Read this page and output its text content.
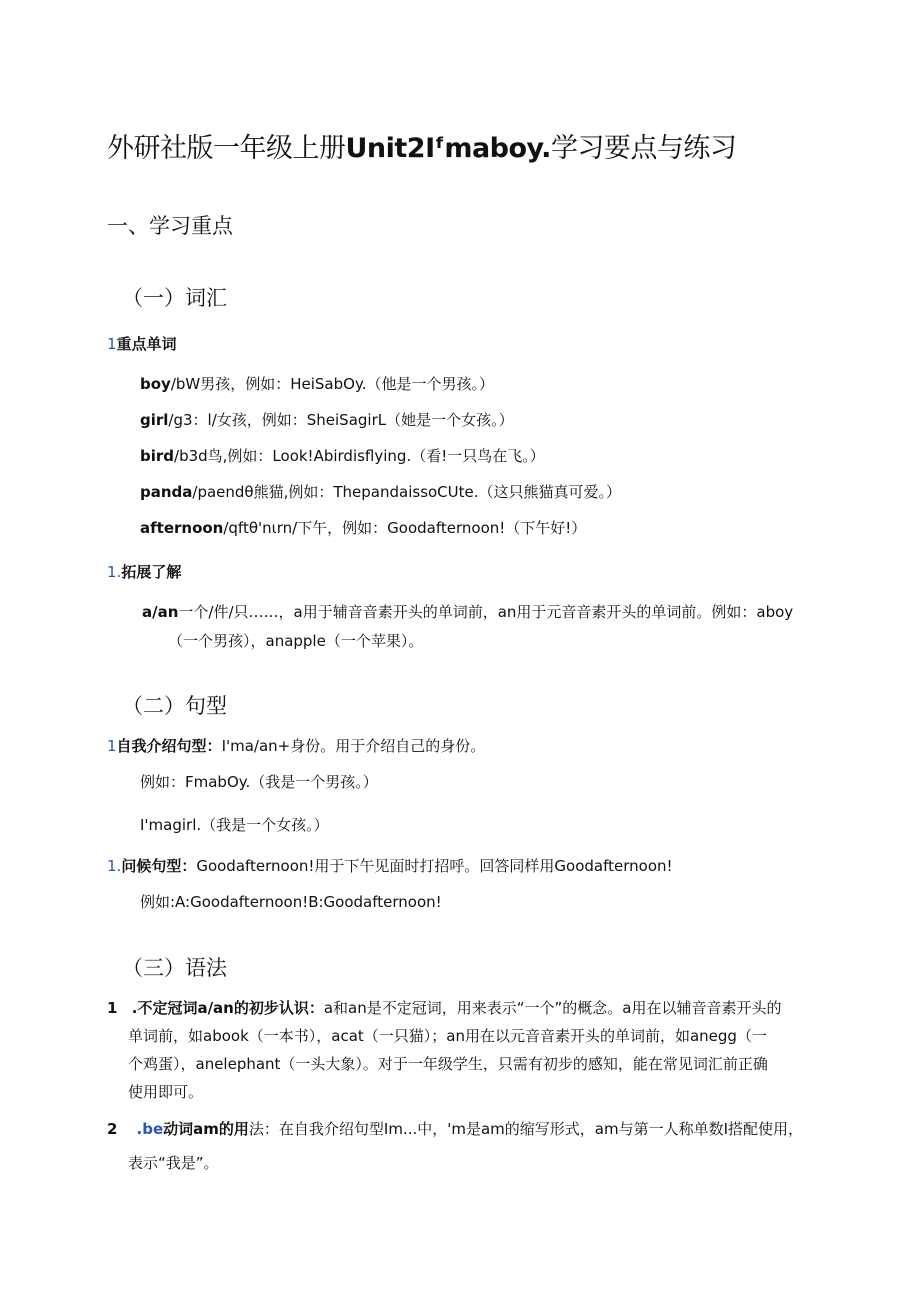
外研社版一年级上册Unit2Iᶠmaboy.学习要点与练习
一、学习重点
（一）词汇
1重点单词
boy/bW男孩，例如：HeiSabOy.（他是一个男孩。）
girl/g3：l/女孩，例如：SheiSagirL（她是一个女孩。）
bird/b3d鸟,例如：Look!Abirdisflying.（看!一只鸟在飞。）
panda/paendθ熊猫,例如：ThepandaissoCUte.（这只熊猫真可爱。）
afternoon/qftθ'nιrn/下午，例如：Goodafternoon!（下午好!）
1.拓展了解
a/an一个/件/只……，a用于辅音音素开头的单词前，an用于元音音素开头的单词前。例如：aboy
（一个男孩），anapple（一个苹果）。
（二）句型
1自我介绍句型：I'ma/an+身份。用于介绍自己的身份。
例如：FmabOy.（我是一个男孩。）
I'magirl.（我是一个女孩。）
1.问候句型：Goodafternoon!用于下午见面时打招呼。回答同样用Goodafternoon!
例如:A:Goodafternoon!B:Goodafternoon!
（三）语法
1 .不定冠词a/an的初步认识：a和an是不定冠词，用来表示“一个”的概念。a用在以辅音音素开头的
单词前，如abook（一本书），acat（一只猫）；an用在以元音音素开头的单词前，如anegg（一
个鸡蛋），anelephant（一头大象）。对于一年级学生，只需有初步的感知，能在常见词汇前正确
使用即可。
2 .be动词am的用法：在自我介绍句型Im...中，'m是am的缩写形式，am与第一人称单数I搭配使用，
表示“我是”。
